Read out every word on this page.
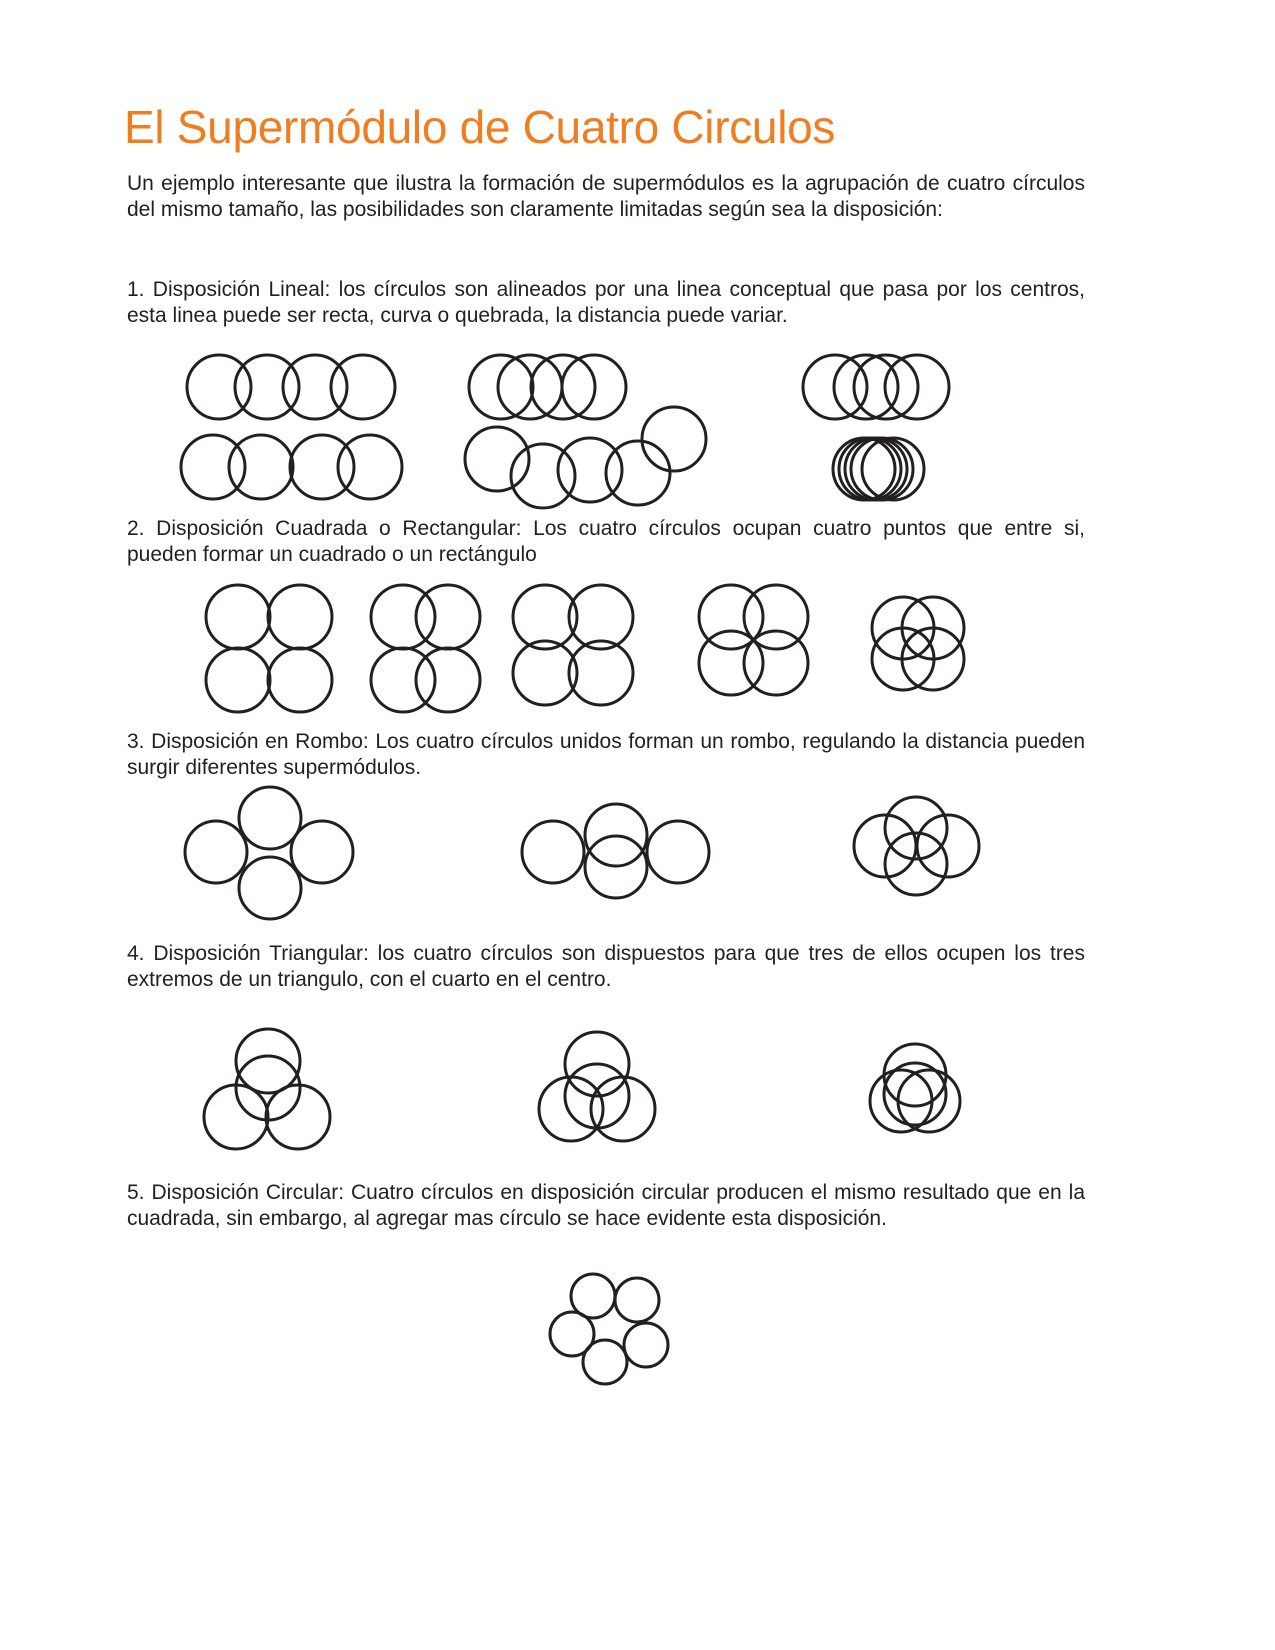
El Supermódulo de Cuatro Circulos

Un ejemplo interesante que ilustra la formación de supermódulos es la agrupación de cuatro círculos del mismo tamaño, las posibilidades son claramente limitadas según sea la disposición:

1. Disposición Lineal: los círculos son alineados por una linea conceptual que pasa por los centros, esta linea puede ser recta, curva o quebrada, la distancia puede variar.

2. Disposición Cuadrada o Rectangular: Los cuatro círculos ocupan cuatro puntos que entre si, pueden formar un cuadrado o un rectángulo

3. Disposición en Rombo: Los cuatro círculos unidos forman un rombo, regulando la distancia pueden surgir diferentes supermódulos.

4. Disposición Triangular: los cuatro círculos son dispuestos para que tres de ellos ocupen los tres extremos de un triangulo, con el cuarto en el centro.

5. Disposición Circular: Cuatro círculos en disposición circular producen el mismo resultado que en la cuadrada, sin embargo, al agregar mas círculo se hace evidente esta disposición.
